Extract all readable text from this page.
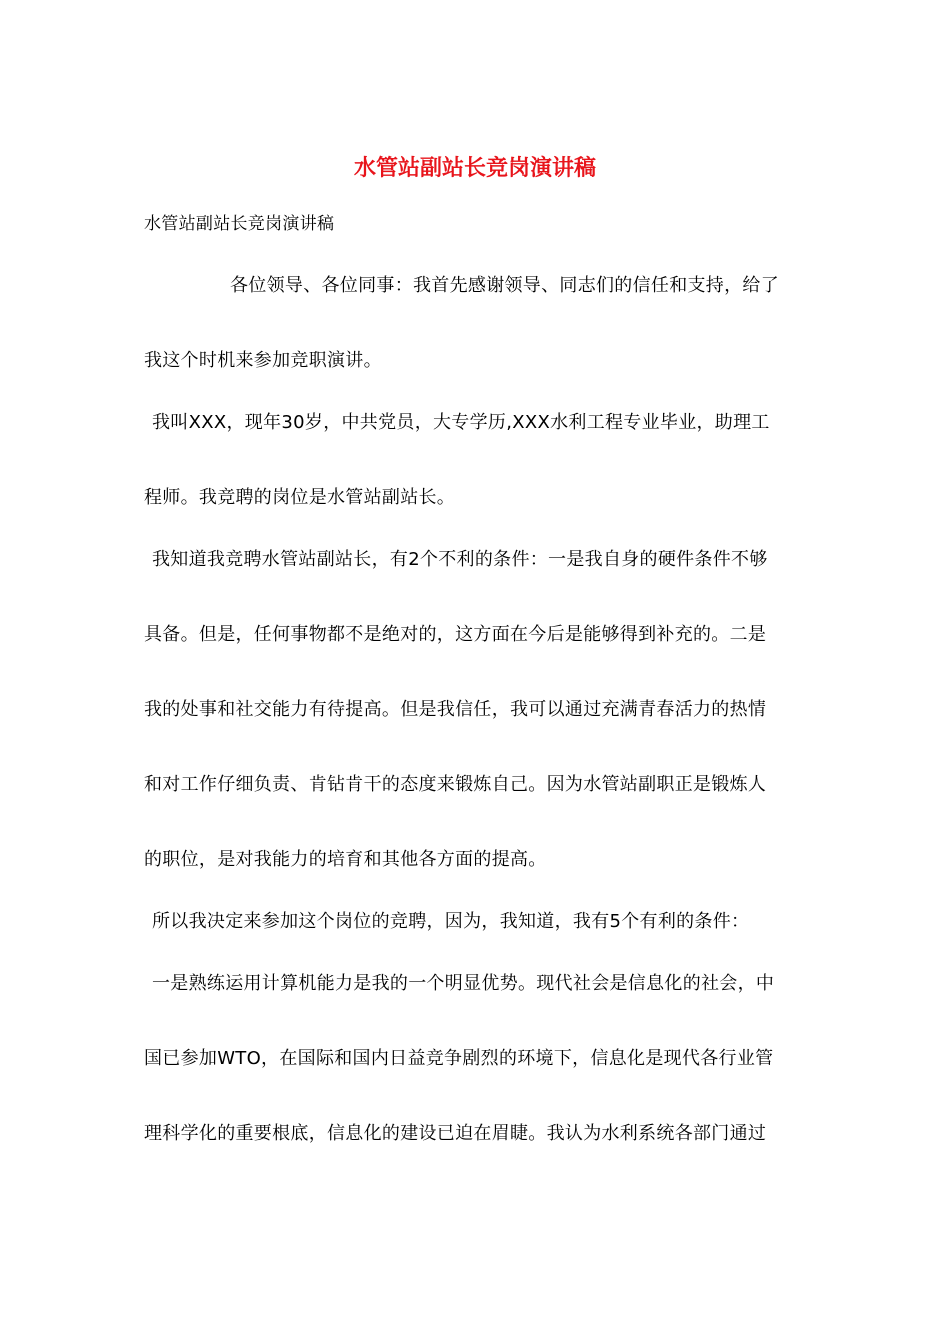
水管站副站长竞岗演讲稿
水管站副站长竞岗演讲稿
各位领导、各位同事：我首先感谢领导、同志们的信任和支持，给了
我这个时机来参加竞职演讲。
我叫XXX，现年30岁，中共党员，大专学历,XXX水利工程专业毕业，助理工
程师。我竞聘的岗位是水管站副站长。
我知道我竞聘水管站副站长，有2个不利的条件：一是我自身的硬件条件不够
具备。但是，任何事物都不是绝对的，这方面在今后是能够得到补充的。二是
我的处事和社交能力有待提高。但是我信任，我可以通过充满青春活力的热情
和对工作仔细负责、肯钻肯干的态度来锻炼自己。因为水管站副职正是锻炼人
的职位，是对我能力的培育和其他各方面的提高。
所以我决定来参加这个岗位的竞聘，因为，我知道，我有5个有利的条件：
一是熟练运用计算机能力是我的一个明显优势。现代社会是信息化的社会，中
国已参加WTO，在国际和国内日益竞争剧烈的环境下，信息化是现代各行业管
理科学化的重要根底，信息化的建设已迫在眉睫。我认为水利系统各部门通过
